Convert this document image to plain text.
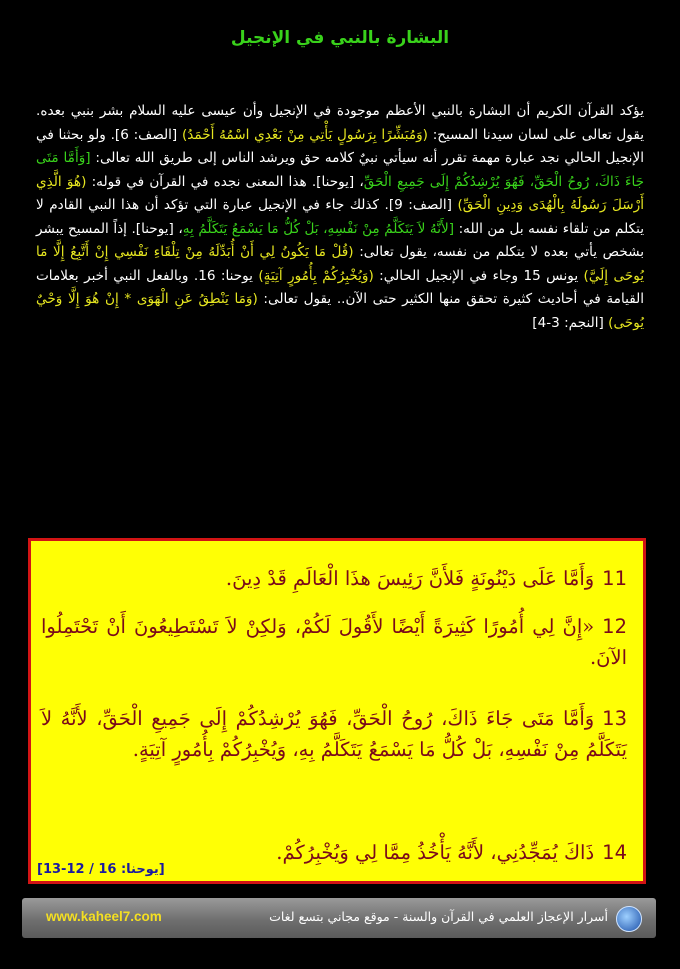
البشارة بالنبي في الإنجيل

يؤكد القرآن الكريم أن البشارة بالنبي الأعظم موجودة في الإنجيل وأن عيسى عليه السلام بشر بنبي بعده. يقول تعالى على لسان سيدنا المسيح: (وَمُبَشِّرًا بِرَسُولٍ يَأْتِي مِنْ بَعْدِي اسْمُهُ أَحْمَدُ) [الصف: 6]. ولو بحثنا في الإنجيل الحالي نجد عبارة مهمة تقرر أنه سيأتي نبيٌ كلامه حق ويرشد الناس إلى طريق الله تعالى: [وَأَمَّا مَتَى جَاءَ ذَاكَ، رُوحُ الْحَقِّ، فَهُوَ يُرْشِدُكُمْ إِلَى جَمِيعِ الْحَقِّ، [يوحنا]. هذا المعنى نجده في القرآن في قوله: (هُوَ الَّذِي أَرْسَلَ رَسُولَهُ بِالْهُدَى وَدِينِ الْحَقِّ) [الصف: 9]. كذلك جاء في الإنجيل عبارة التي تؤكد أن هذا النبي القادم لا يتكلم من تلقاء نفسه بل من الله: [لأَنَّهُ لاَ يَتَكَلَّمُ مِنْ نَفْسِهِ، بَلْ كُلُّ مَا يَسْمَعُ يَتَكَلَّمُ بِهِ، [يوحنا]. إذاً المسيح يبشر بشخص يأتي بعده لا يتكلم من نفسه، يقول تعالى: (قُلْ مَا يَكُونُ لِي أَنْ أُبَدِّلَهُ مِنْ تِلْقَاءِ نَفْسِي إِنْ أَتَّبِعُ إِلَّا مَا يُوحَى إِلَيَّ) يونس 15 وجاء في الإنجيل الحالي: (وَيُخْبِرُكُمْ بِأُمُورٍ آتِيَةٍ) يوحنا: 16. وبالفعل النبي أخبر بعلامات القيامة في أحاديث كثيرة تحقق منها الكثير حتى الآن.. يقول تعالى: (وَمَا يَنْطِقُ عَنِ الْهَوَى * إِنْ هُوَ إِلَّا وَحْيٌ يُوحَى) [النجم: 3-4]

11وَأَمَّا عَلَى دَيْنُونَةٍ فَلأَنَّ رَئِيسَ هذَا الْعَالَمِ قَدْ دِينَ.
12«إِنَّ لِي أُمُورًا كَثِيرَةً أَيْضًا لأَقُولَ لَكُمْ، وَلكِنْ لاَ تَسْتَطِيعُونَ أَنْ تَحْتَمِلُوا الآنَ.
13وَأَمَّا مَتَى جَاءَ ذَاكَ، رُوحُ الْحَقِّ، فَهُوَ يُرْشِدُكُمْ إِلَى جَمِيعِ الْحَقِّ، لأَنَّهُ لاَ يَتَكَلَّمُ مِنْ نَفْسِهِ، بَلْ كُلُّ مَا يَسْمَعُ يَتَكَلَّمُ بِهِ، وَيُخْبِرُكُمْ بِأُمُورٍ آتِيَةٍ.
14ذَاكَ يُمَجِّدُنِي، لأَنَّهُ يَأْخُذُ مِمَّا لِي وَيُخْبِرُكُمْ.
[يوحنا: 16 / 12-13]
www.kaheel7.com	أسرار الإعجاز العلمي في القرآن والسنة - موقع مجاني بتسع لغات
